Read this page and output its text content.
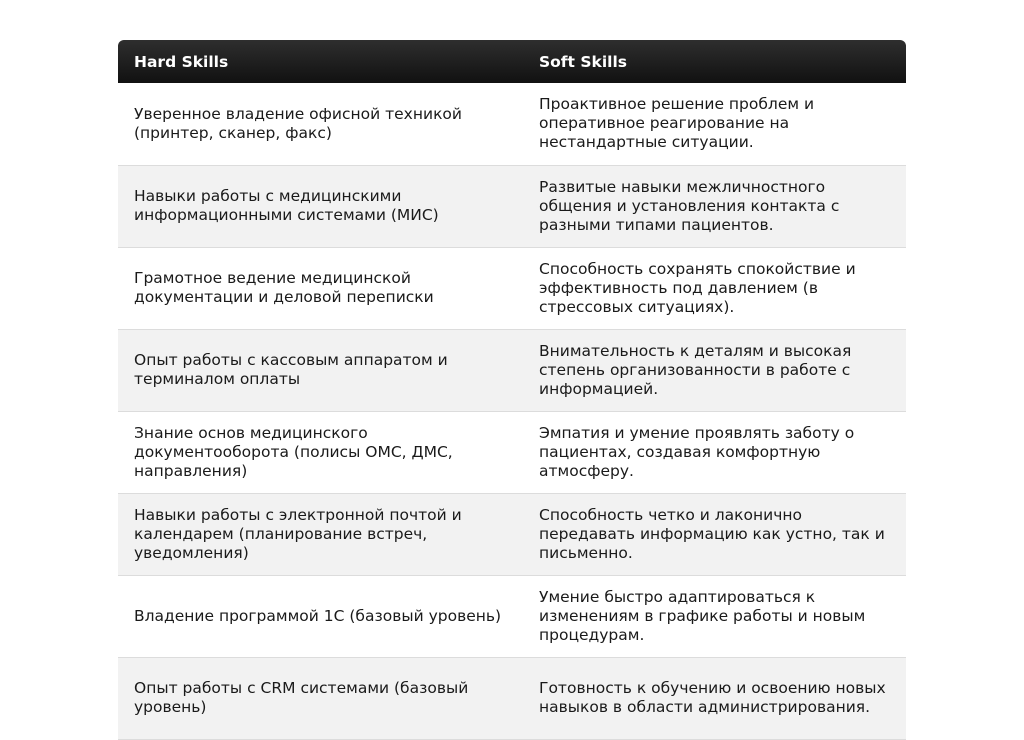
Hard Skills	Soft Skills
Уверенное владение офисной техникой (принтер, сканер, факс)	Проактивное решение проблем и оперативное реагирование на нестандартные ситуации.
Навыки работы с медицинскими информационными системами (МИС)	Развитые навыки межличностного общения и установления контакта с разными типами пациентов.
Грамотное ведение медицинской документации и деловой переписки	Способность сохранять спокойствие и эффективность под давлением (в стрессовых ситуациях).
Опыт работы с кассовым аппаратом и терминалом оплаты	Внимательность к деталям и высокая степень организованности в работе с информацией.
Знание основ медицинского документооборота (полисы ОМС, ДМС, направления)	Эмпатия и умение проявлять заботу о пациентах, создавая комфортную атмосферу.
Навыки работы с электронной почтой и календарем (планирование встреч, уведомления)	Способность четко и лаконично передавать информацию как устно, так и письменно.
Владение программой 1С (базовый уровень)	Умение быстро адаптироваться к изменениям в графике работы и новым процедурам.
Опыт работы с CRM системами (базовый уровень)	Готовность к обучению и освоению новых навыков в области администрирования.
